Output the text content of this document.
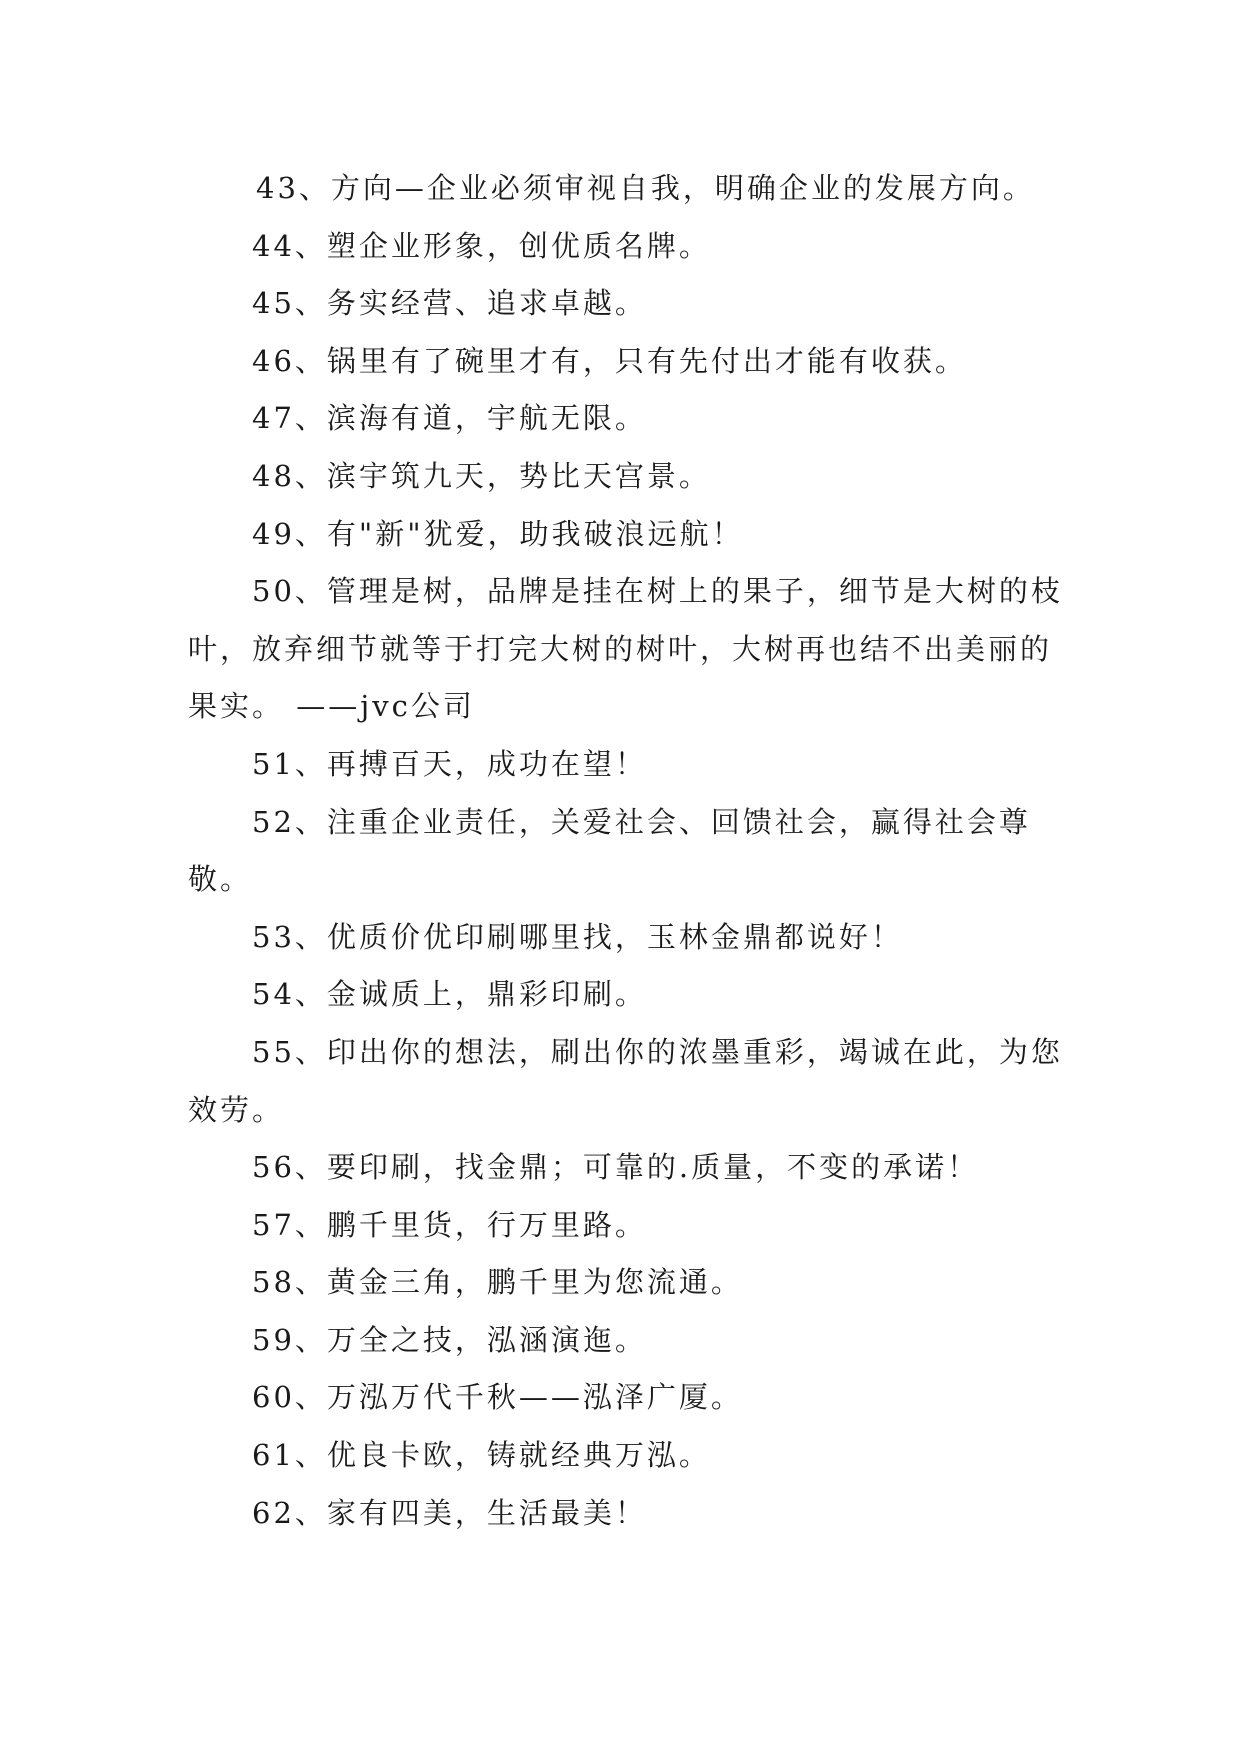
43、方向—企业必须审视自我，明确企业的发展方向。

44、塑企业形象，创优质名牌。

45、务实经营、追求卓越。

46、锅里有了碗里才有，只有先付出才能有收获。

47、滨海有道，宇航无限。

48、滨宇筑九天，势比天宫景。

49、有"新"犹爱，助我破浪远航！

50、管理是树，品牌是挂在树上的果子，细节是大树的枝叶，放弃细节就等于打完大树的树叶，大树再也结不出美丽的果实。 ——jvc公司

51、再搏百天，成功在望！

52、注重企业责任，关爱社会、回馈社会，赢得社会尊敬。

53、优质价优印刷哪里找，玉林金鼎都说好！

54、金诚质上，鼎彩印刷。

55、印出你的想法，刷出你的浓墨重彩，竭诚在此，为您效劳。

56、要印刷，找金鼎；可靠的.质量，不变的承诺！

57、鹏千里货，行万里路。

58、黄金三角，鹏千里为您流通。

59、万全之技，泓涵演迤。

60、万泓万代千秋——泓泽广厦。

61、优良卡欧，铸就经典万泓。

62、家有四美，生活最美！
